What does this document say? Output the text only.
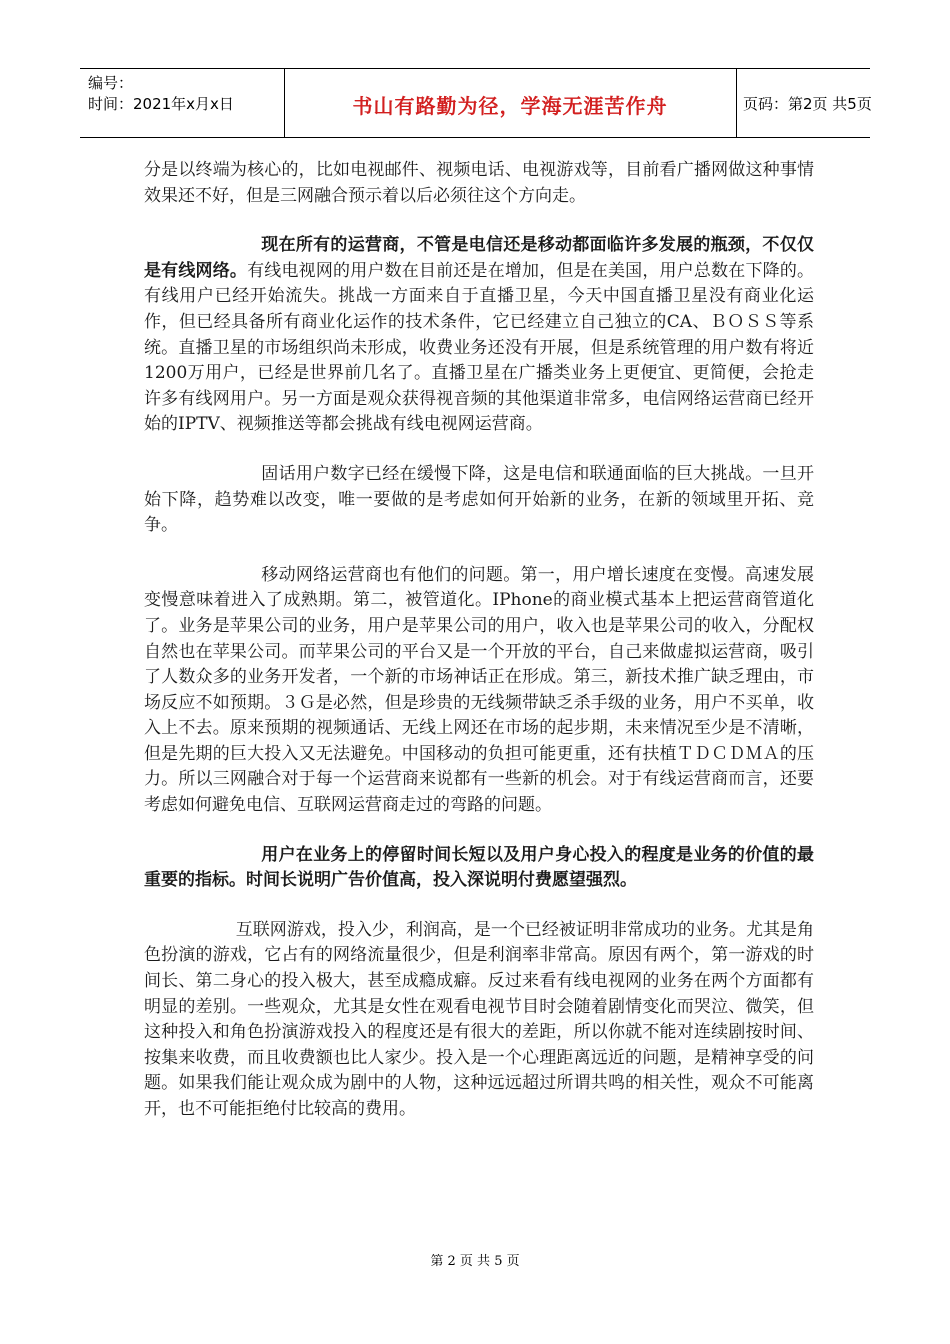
编号：
时间：2021年x月x日	书山有路勤为径，学海无涯苦作舟	页码：第2页 共5页

分是以终端为核心的，比如电视邮件、视频电话、电视游戏等，目前看广播网做这种事情效果还不好，但是三网融合预示着以后必须往这个方向走。

现在所有的运营商，不管是电信还是移动都面临许多发展的瓶颈，不仅仅是有线网络。有线电视网的用户数在目前还是在增加，但是在美国，用户总数在下降的。有线用户已经开始流失。挑战一方面来自于直播卫星，今天中国直播卫星没有商业化运作，但已经具备所有商业化运作的技术条件，它已经建立自己独立的CA、ＢＯＳＳ等系统。直播卫星的市场组织尚未形成，收费业务还没有开展，但是系统管理的用户数有将近1200万用户，已经是世界前几名了。直播卫星在广播类业务上更便宜、更简便，会抢走许多有线网用户。另一方面是观众获得视音频的其他渠道非常多，电信网络运营商已经开始的IPTV、视频推送等都会挑战有线电视网运营商。

固话用户数字已经在缓慢下降，这是电信和联通面临的巨大挑战。一旦开始下降，趋势难以改变，唯一要做的是考虑如何开始新的业务，在新的领域里开拓、竞争。

移动网络运营商也有他们的问题。第一，用户增长速度在变慢。高速发展变慢意味着进入了成熟期。第二，被管道化。IPhone的商业模式基本上把运营商管道化了。业务是苹果公司的业务，用户是苹果公司的用户，收入也是苹果公司的收入，分配权自然也在苹果公司。而苹果公司的平台又是一个开放的平台，自己来做虚拟运营商，吸引了人数众多的业务开发者，一个新的市场神话正在形成。第三，新技术推广缺乏理由，市场反应不如预期。３Ｇ是必然，但是珍贵的无线频带缺乏杀手级的业务，用户不买单，收入上不去。原来预期的视频通话、无线上网还在市场的起步期，未来情况至少是不清晰，但是先期的巨大投入又无法避免。中国移动的负担可能更重，还有扶植ＴＤＣＤＭＡ的压力。所以三网融合对于每一个运营商来说都有一些新的机会。对于有线运营商而言，还要考虑如何避免电信、互联网运营商走过的弯路的问题。

用户在业务上的停留时间长短以及用户身心投入的程度是业务的价值的最重要的指标。时间长说明广告价值高，投入深说明付费愿望强烈。

互联网游戏，投入少，利润高，是一个已经被证明非常成功的业务。尤其是角色扮演的游戏，它占有的网络流量很少，但是利润率非常高。原因有两个，第一游戏的时间长、第二身心的投入极大，甚至成瘾成癖。反过来看有线电视网的业务在两个方面都有明显的差别。一些观众，尤其是女性在观看电视节目时会随着剧情变化而哭泣、微笑，但这种投入和角色扮演游戏投入的程度还是有很大的差距，所以你就不能对连续剧按时间、按集来收费，而且收费额也比人家少。投入是一个心理距离远近的问题，是精神享受的问题。如果我们能让观众成为剧中的人物，这种远远超过所谓共鸣的相关性，观众不可能离开，也不可能拒绝付比较高的费用。

第 2 页 共 5 页
